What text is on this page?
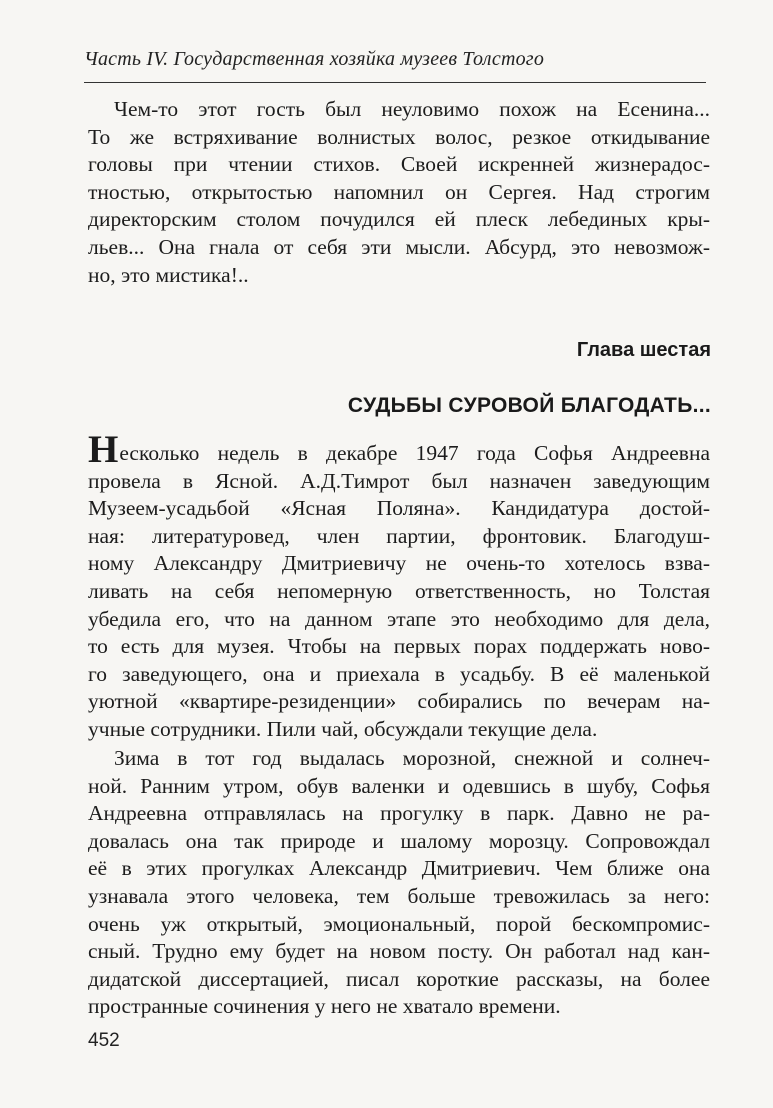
Часть IV. Государственная хозяйка музеев Толстого
Чем-то этот гость был неуловимо похож на Есенина...
То же встряхивание волнистых волос, резкое откидывание
головы при чтении стихов. Своей искренней жизнерадос-
тностью, открытостью напомнил он Сергея. Над строгим
директорским столом почудился ей плеск лебединых кры-
льев... Она гнала от себя эти мысли. Абсурд, это невозмож-
но, это мистика!..
Глава шестая
СУДЬБЫ СУРОВОЙ БЛАГОДАТЬ...
Несколько недель в декабре 1947 года Софья Андреевна
провела в Ясной. А.Д.Тимрот был назначен заведующим
Музеем-усадьбой «Ясная Поляна». Кандидатура достой-
ная: литературовед, член партии, фронтовик. Благодуш-
ному Александру Дмитриевичу не очень-то хотелось взва-
ливать на себя непомерную ответственность, но Толстая
убедила его, что на данном этапе это необходимо для дела,
то есть для музея. Чтобы на первых порах поддержать ново-
го заведующего, она и приехала в усадьбу. В её маленькой
уютной «квартире-резиденции» собирались по вечерам на-
учные сотрудники. Пили чай, обсуждали текущие дела.
Зима в тот год выдалась морозной, снежной и солнеч-
ной. Ранним утром, обув валенки и одевшись в шубу, Софья
Андреевна отправлялась на прогулку в парк. Давно не ра-
довалась она так природе и шалому морозцу. Сопровождал
её в этих прогулках Александр Дмитриевич. Чем ближе она
узнавала этого человека, тем больше тревожилась за него:
очень уж открытый, эмоциональный, порой бескомпромис-
сный. Трудно ему будет на новом посту. Он работал над кан-
дидатской диссертацией, писал короткие рассказы, на более
пространные сочинения у него не хватало времени.
452
